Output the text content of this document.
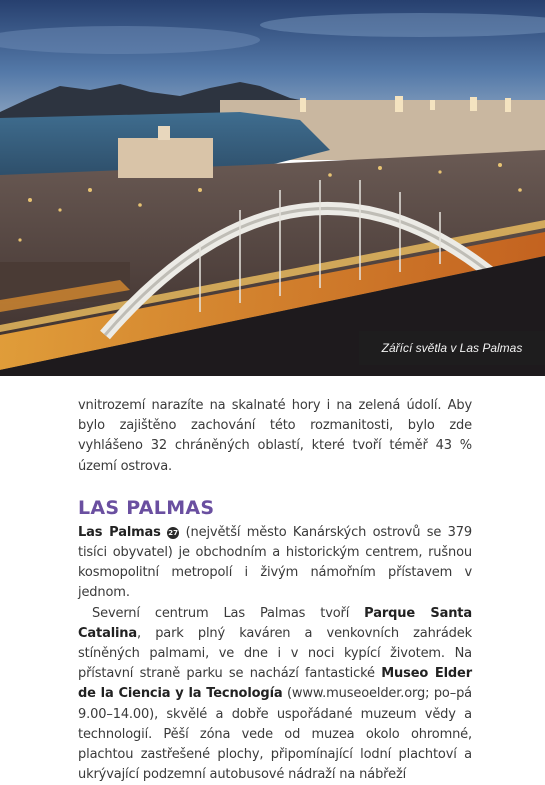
Zářící světla v Las Palmas

vnitrozemí narazíte na skalnaté hory i na zelená údolí. Aby bylo zajištěno zachování této rozmanitosti, bylo zde vyhlášeno 32 chráněných oblastí, které tvoří téměř 43 % území ostrova.

LAS PALMAS

Las Palmas 27 (největší město Kanárských ostrovů se 379 tisíci obyvatel) je obchodním a historickým centrem, rušnou kosmopolitní metropolí i živým námořním přístavem v jednom.

Severní centrum Las Palmas tvoří Parque Santa Catalina, park plný kaváren a venkovních zahrádek stíněných palmami, ve dne i v noci kypící životem. Na přístavní straně parku se nachází fantastické Museo Elder de la Ciencia y la Tecnología (www.museoelder.org; po–pá 9.00–14.00), skvělé a dobře uspořádané muzeum vědy a technologií. Pěší zóna vede od muzea okolo ohromné, plachtou zastřešené plochy, připomínající lodní plachtoví a ukrývající podzemní autobusové nádraží na nábřeží
